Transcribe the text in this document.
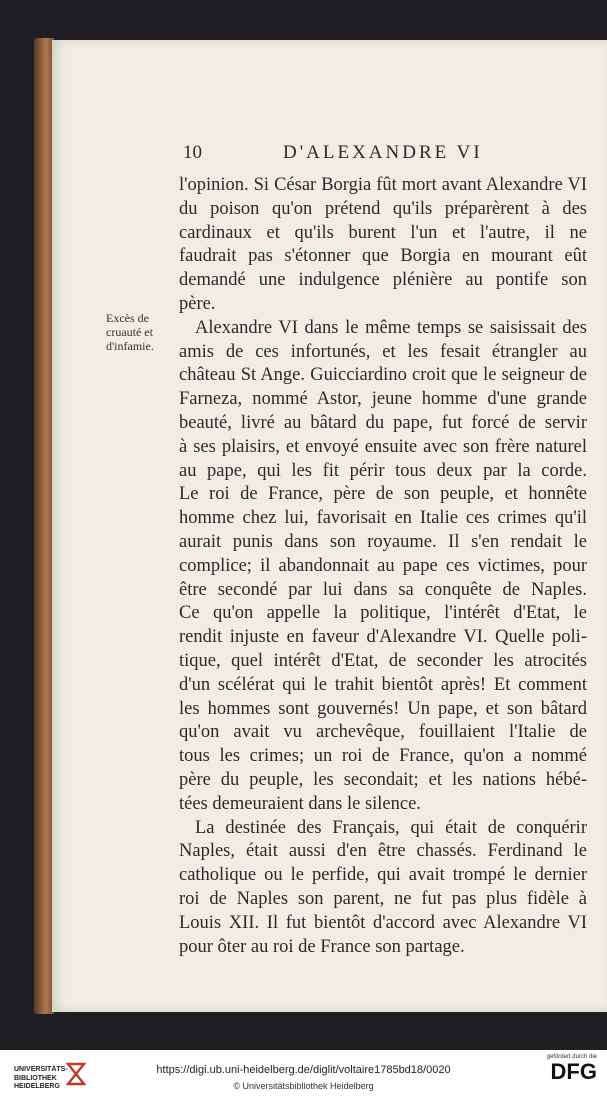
10	D'ALEXANDRE VI
Excès de
cruauté et
d'infamie.
l'opinion. Si César Borgia fût mort avant Alexandre VI
du poison qu'on prétend qu'ils préparèrent à des
cardinaux et qu'ils burent l'un et l'autre, il ne
faudrait pas s'étonner que Borgia en mourant eût
demandé une indulgence plénière au pontife son
père.
Alexandre VI dans le même temps se saisissait des
amis de ces infortunés, et les fesait étrangler au
château St Ange. Guicciardino croit que le seigneur de
Farneza, nommé Astor, jeune homme d'une grande
beauté, livré au bâtard du pape, fut forcé de servir
à ses plaisirs, et envoyé ensuite avec son frère naturel
au pape, qui les fit périr tous deux par la corde.
Le roi de France, père de son peuple, et honnête
homme chez lui, favorisait en Italie ces crimes qu'il
aurait punis dans son royaume. Il s'en rendait le
complice; il abandonnait au pape ces victimes, pour
être secondé par lui dans sa conquête de Naples.
Ce qu'on appelle la politique, l'intérêt d'Etat, le
rendit injuste en faveur d'Alexandre VI. Quelle poli-
tique, quel intérêt d'Etat, de seconder les atrocités
d'un scélérat qui le trahit bientôt après! Et comment
les hommes sont gouvernés! Un pape, et son bâtard
qu'on avait vu archevêque, fouillaient l'Italie de
tous les crimes; un roi de France, qu'on a nommé
père du peuple, les secondait; et les nations hébé-
tées demeuraient dans le silence.
La destinée des Français, qui était de conquérir
Naples, était aussi d'en être chassés. Ferdinand le
catholique ou le perfide, qui avait trompé le dernier
roi de Naples son parent, ne fut pas plus fidèle à
Louis XII. Il fut bientôt d'accord avec Alexandre VI
pour ôter au roi de France son partage.
UNIVERSITÄTS-
BIBLIOTHEK
HEIDELBERG
https://digi.ub.uni-heidelberg.de/diglit/voltaire1785bd18/0020
© Universitätsbibliothek Heidelberg
gefördert durch die
DFG
